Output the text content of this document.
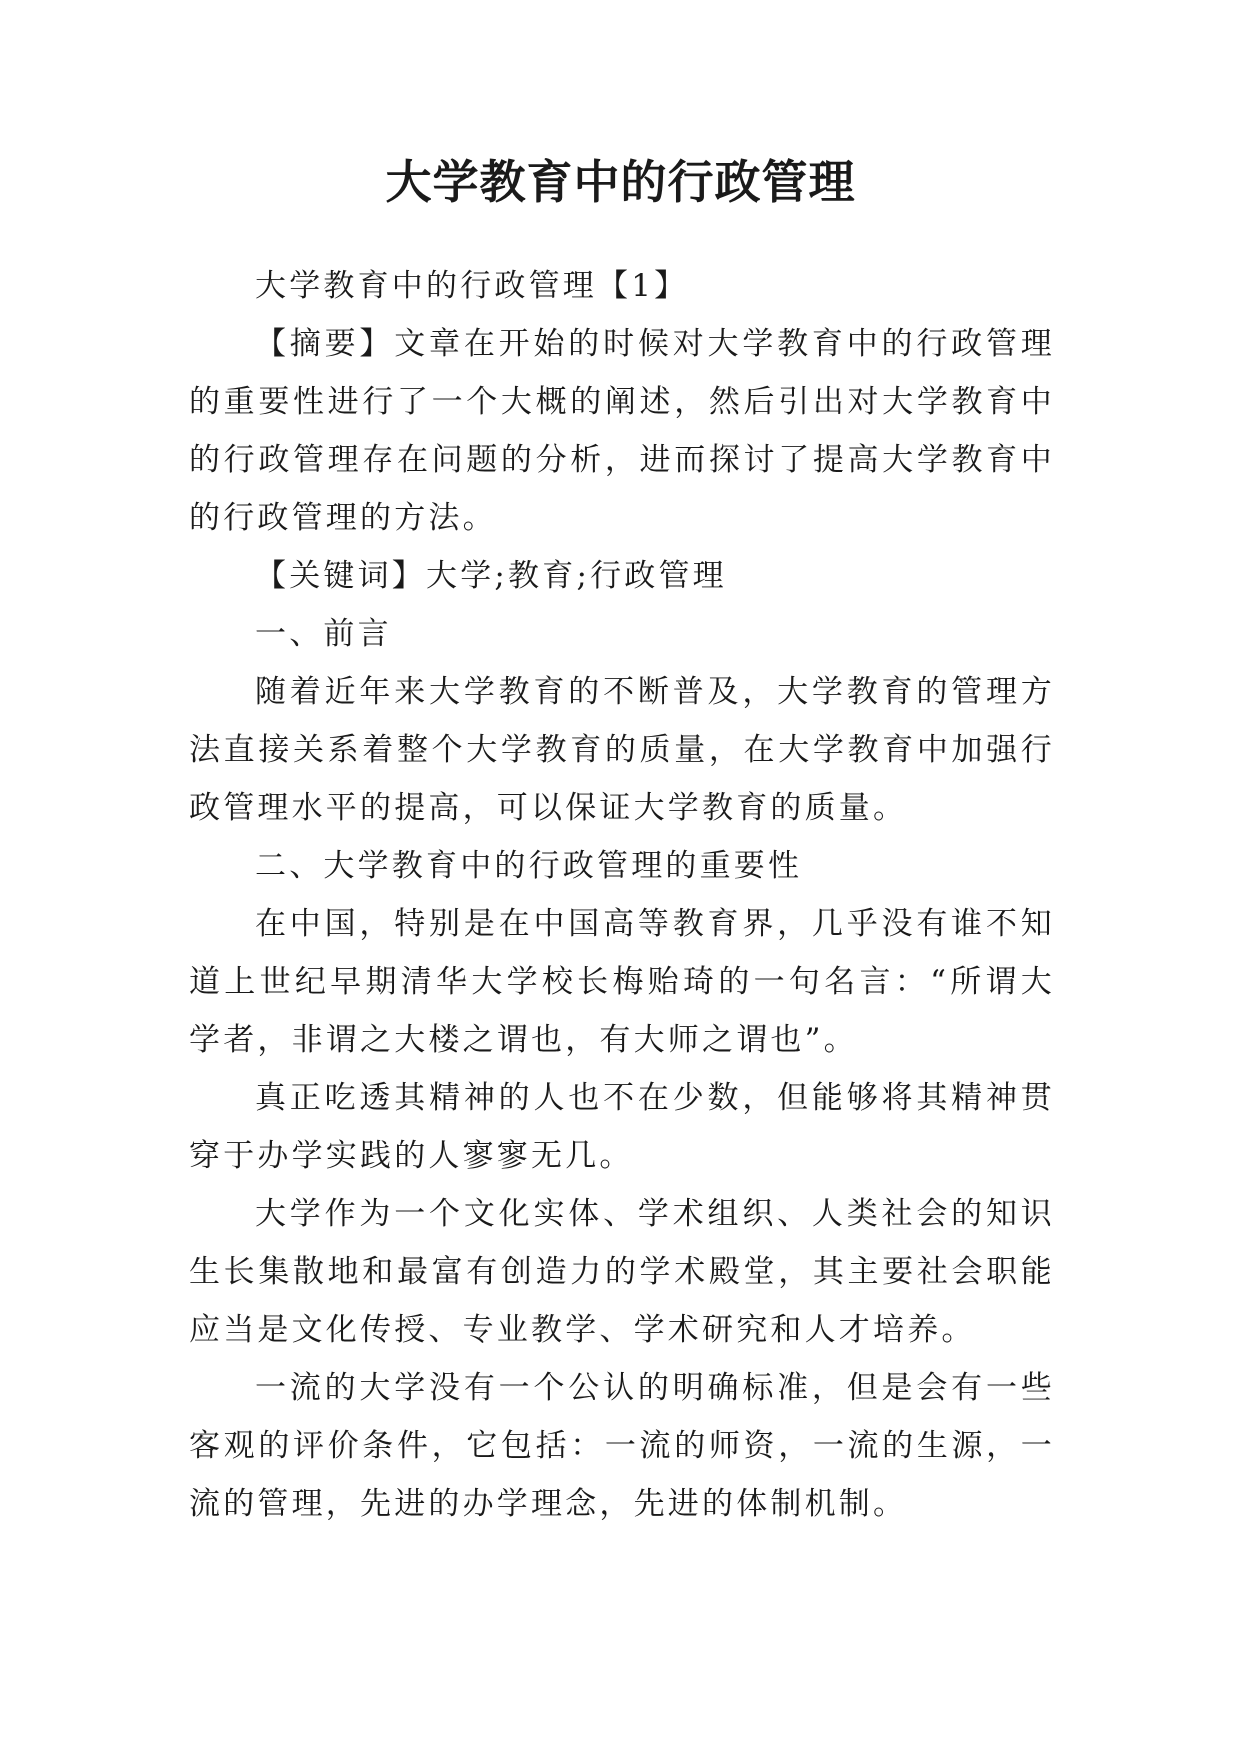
大学教育中的行政管理

大学教育中的行政管理【1】

【摘要】文章在开始的时候对大学教育中的行政管理的重要性进行了一个大概的阐述，然后引出对大学教育中的行政管理存在问题的分析，进而探讨了提高大学教育中的行政管理的方法。

【关键词】大学;教育;行政管理

一、前言

随着近年来大学教育的不断普及，大学教育的管理方法直接关系着整个大学教育的质量，在大学教育中加强行政管理水平的提高，可以保证大学教育的质量。

二、大学教育中的行政管理的重要性

在中国，特别是在中国高等教育界，几乎没有谁不知道上世纪早期清华大学校长梅贻琦的一句名言：“所谓大学者，非谓之大楼之谓也，有大师之谓也”。

真正吃透其精神的人也不在少数，但能够将其精神贯穿于办学实践的人寥寥无几。

大学作为一个文化实体、学术组织、人类社会的知识生长集散地和最富有创造力的学术殿堂，其主要社会职能应当是文化传授、专业教学、学术研究和人才培养。

一流的大学没有一个公认的明确标准，但是会有一些客观的评价条件，它包括：一流的师资，一流的生源，一流的管理，先进的办学理念，先进的体制机制。
